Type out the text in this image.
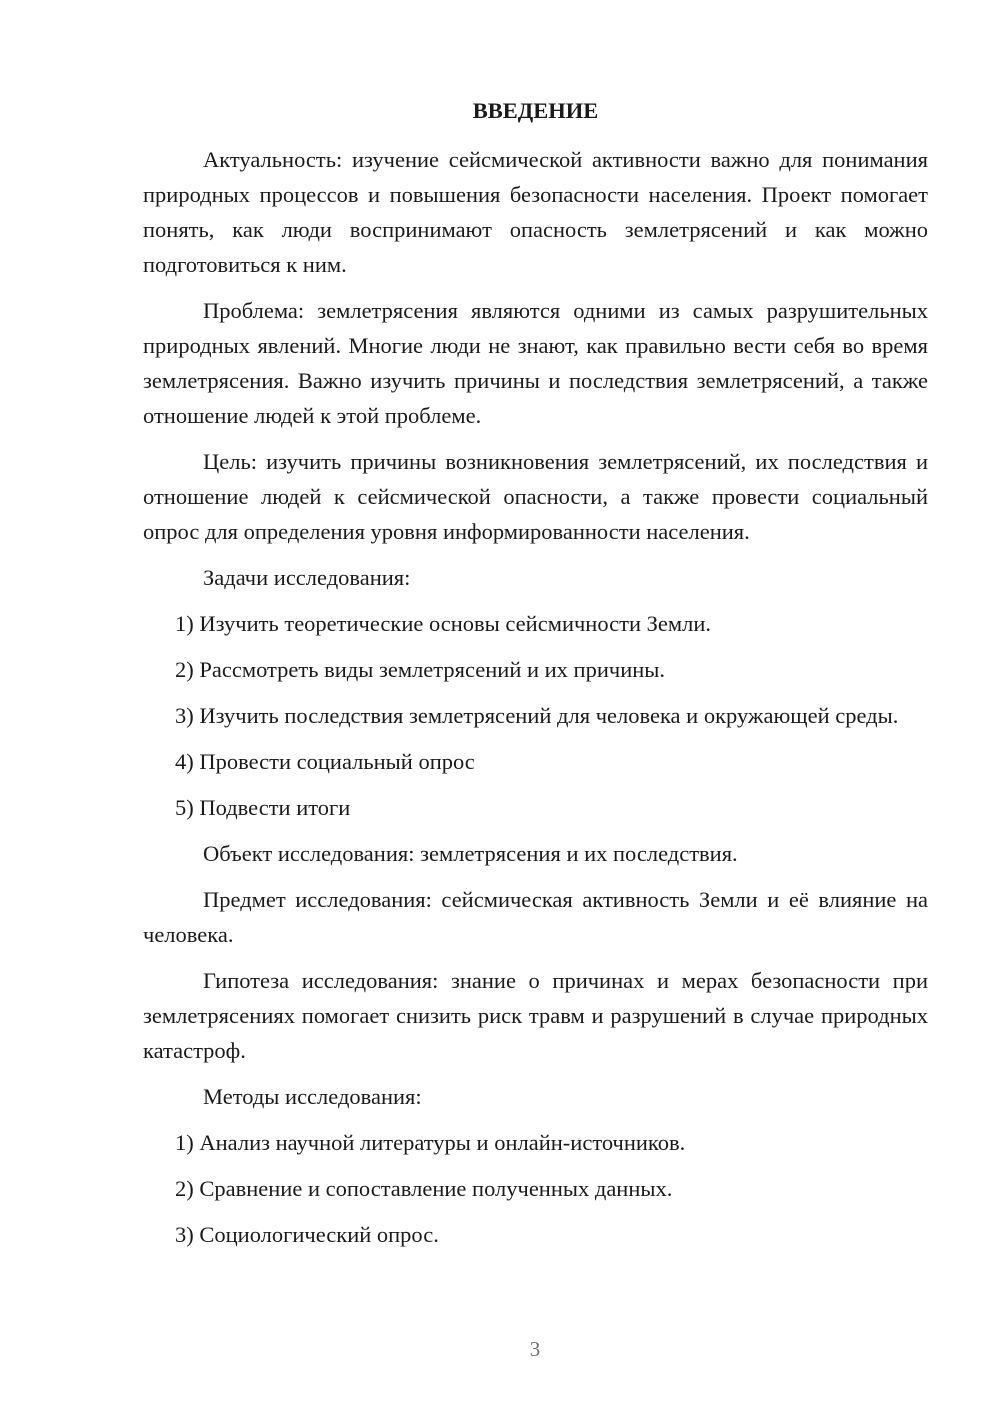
ВВЕДЕНИЕ

Актуальность: изучение сейсмической активности важно для понимания природных процессов и повышения безопасности населения. Проект помогает понять, как люди воспринимают опасность землетрясений и как можно подготовиться к ним.

Проблема: землетрясения являются одними из самых разрушительных природных явлений. Многие люди не знают, как правильно вести себя во время землетрясения. Важно изучить причины и последствия землетрясений, а также отношение людей к этой проблеме.

Цель: изучить причины возникновения землетрясений, их последствия и отношение людей к сейсмической опасности, а также провести социальный опрос для определения уровня информированности населения.

Задачи исследования:

1) Изучить теоретические основы сейсмичности Земли.

2) Рассмотреть виды землетрясений и их причины.

3) Изучить последствия землетрясений для человека и окружающей среды.

4) Провести социальный опрос

5) Подвести итоги

Объект исследования: землетрясения и их последствия.

Предмет исследования: сейсмическая активность Земли и её влияние на человека.

Гипотеза исследования: знание о причинах и мерах безопасности при землетрясениях помогает снизить риск травм и разрушений в случае природных катастроф.

Методы исследования:

1) Анализ научной литературы и онлайн-источников.

2) Сравнение и сопоставление полученных данных.

3) Социологический опрос.

3
